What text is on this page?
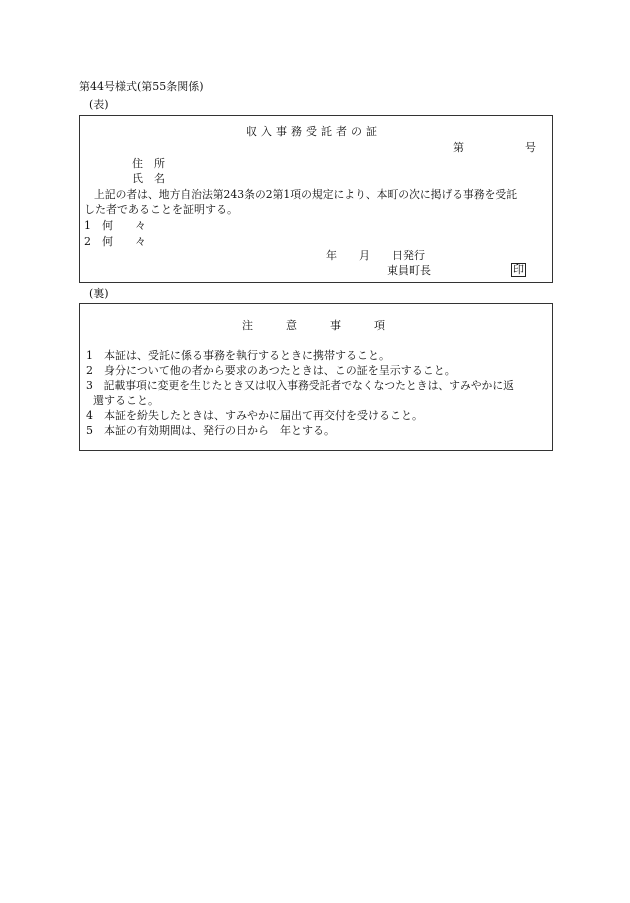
第44号様式(第55条関係)
(表)
収入事務受託者の証
第	号
住　所
氏　名
上記の者は、地方自治法第243条の2第1項の規定により、本町の次に掲げる事務を受託
した者であることを証明する。
1 何　　々
2 何　　々
年　　月　　日発行
東員町長	印
(裏)
注　　　意　　　事　　　項
1　本証は、受託に係る事務を執行するときに携帯すること。
2　身分について他の者から要求のあつたときは、この証を呈示すること。
3　記載事項に変更を生じたとき又は収入事務受託者でなくなつたときは、すみやかに返
還すること。
4　本証を紛失したときは、すみやかに届出て再交付を受けること。
5　本証の有効期間は、発行の日から　年とする。
